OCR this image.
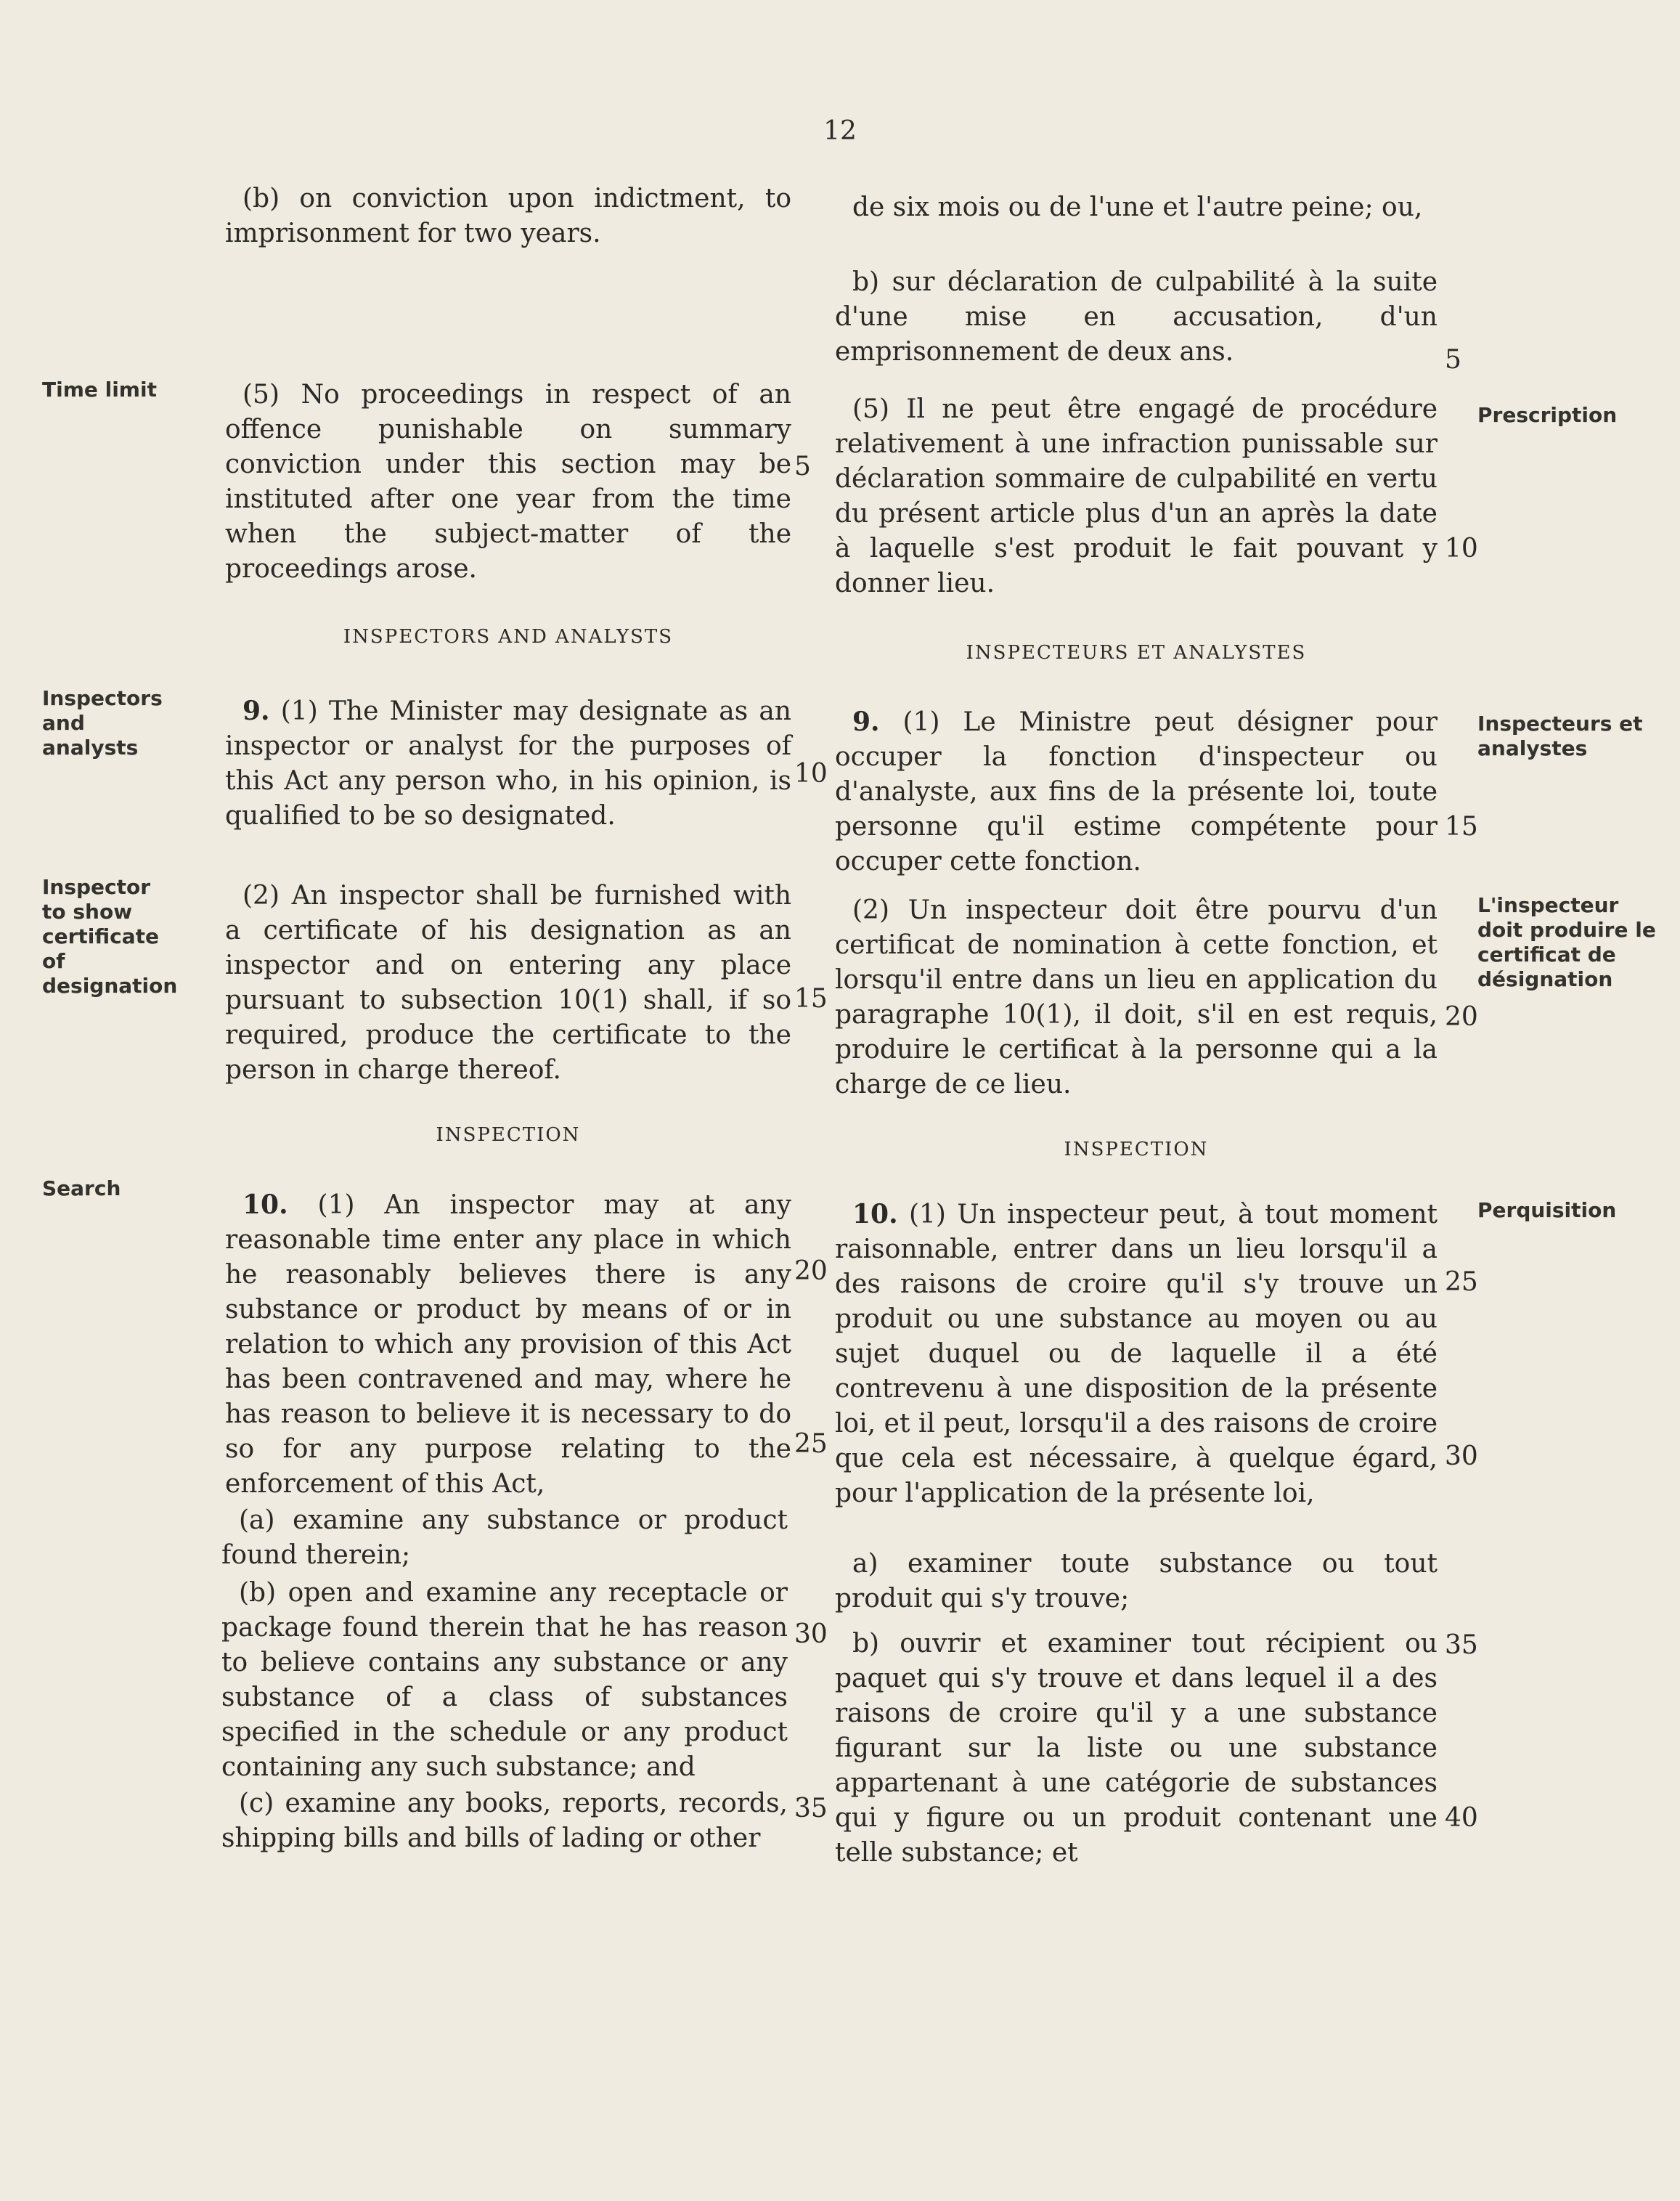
12
Time limit
Inspectors and analysts
Inspector to show certificate of designation
Search
Prescription
Inspecteurs et analystes
L'inspecteur doit produire le certificat de désignation
Perquisition

(b) on conviction upon indictment, to imprisonment for two years.

(5) No proceedings in respect of an offence punishable on summary conviction under this section may be instituted after one year from the time when the subject-matter of the proceedings arose.

INSPECTORS AND ANALYSTS

9. (1) The Minister may designate as an inspector or analyst for the purposes of this Act any person who, in his opinion, is qualified to be so designated.

(2) An inspector shall be furnished with a certificate of his designation as an inspector and on entering any place pursuant to subsection 10(1) shall, if so required, produce the certificate to the person in charge thereof.

INSPECTION

10. (1) An inspector may at any reasonable time enter any place in which he reasonably believes there is any substance or product by means of or in relation to which any provision of this Act has been contravened and may, where he has reason to believe it is necessary to do so for any purpose relating to the enforcement of this Act,

(a) examine any substance or product found therein;

(b) open and examine any receptacle or package found therein that he has reason to believe contains any substance or any substance of a class of substances specified in the schedule or any product containing any such substance; and

(c) examine any books, reports, records, shipping bills and bills of lading or other

de six mois ou de l'une et l'autre peine; ou,

b) sur déclaration de culpabilité à la suite d'une mise en accusation, d'un emprisonnement de deux ans.

(5) Il ne peut être engagé de procédure relativement à une infraction punissable sur déclaration sommaire de culpabilité en vertu du présent article plus d'un an après la date à laquelle s'est produit le fait pouvant y donner lieu.

INSPECTEURS ET ANALYSTES

9. (1) Le Ministre peut désigner pour occuper la fonction d'inspecteur ou d'analyste, aux fins de la présente loi, toute personne qu'il estime compétente pour occuper cette fonction.

(2) Un inspecteur doit être pourvu d'un certificat de nomination à cette fonction, et lorsqu'il entre dans un lieu en application du paragraphe 10(1), il doit, s'il en est requis, produire le certificat à la personne qui a la charge de ce lieu.

INSPECTION

10. (1) Un inspecteur peut, à tout moment raisonnable, entrer dans un lieu lorsqu'il a des raisons de croire qu'il s'y trouve un produit ou une substance au moyen ou au sujet duquel ou de laquelle il a été contrevenu à une disposition de la présente loi, et il peut, lorsqu'il a des raisons de croire que cela est nécessaire, à quelque égard, pour l'application de la présente loi,

a) examiner toute substance ou tout produit qui s'y trouve;

b) ouvrir et examiner tout récipient ou paquet qui s'y trouve et dans lequel il a des raisons de croire qu'il y a une substance figurant sur la liste ou une substance appartenant à une catégorie de substances qui y figure ou un produit contenant une telle substance; et

5
10
15
20
25
30
35
5
10
15
20
25
30
35
40
